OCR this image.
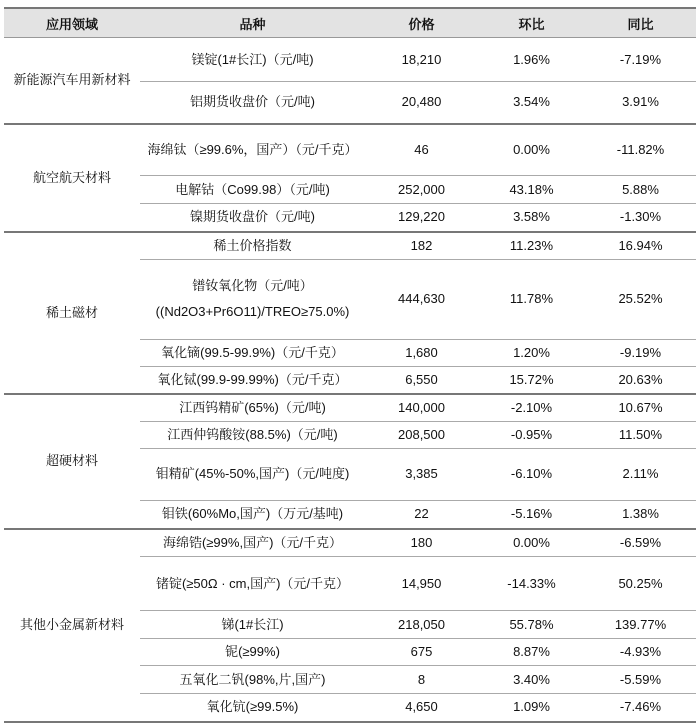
应用领域	品种	价格	环比	同比
新能源汽车用新材料	镁锭(1#长江)（元/吨)	18,210	1.96%	-7.19%
	铝期货收盘价（元/吨)	20,480	3.54%	3.91%
航空航天材料	海绵钛（≥99.6%，国产）（元/千克）	46	0.00%	-11.82%
	电解钴（Co99.98）（元/吨)	252,000	43.18%	5.88%
	镍期货收盘价（元/吨)	129,220	3.58%	-1.30%
稀土磁材	稀土价格指数	182	11.23%	16.94%
	镨钕氧化物（元/吨） ((Nd2O3+Pr6O11)/TREO≥75.0%)	444,630	11.78%	25.52%
	氧化镝(99.5-99.9%)（元/千克）	1,680	1.20%	-9.19%
	氧化铽(99.9-99.99%)（元/千克）	6,550	15.72%	20.63%
超硬材料	江西钨精矿(65%)（元/吨)	140,000	-2.10%	10.67%
	江西仲钨酸铵(88.5%)（元/吨)	208,500	-0.95%	11.50%
	钼精矿(45%-50%,国产)（元/吨度)	3,385	-6.10%	2.11%
	钼铁(60%Mo,国产)（万元/基吨)	22	-5.16%	1.38%
其他小金属新材料	海绵锆(≥99%,国产)（元/千克）	180	0.00%	-6.59%
	锗锭(≥50Ω · cm,国产)（元/千克）	14,950	-14.33%	50.25%
	锑(1#长江)	218,050	55.78%	139.77%
	铌(≥99%)	675	8.87%	-4.93%
	五氧化二钒(98%,片,国产)	8	3.40%	-5.59%
	氧化钪(≥99.5%)	4,650	1.09%	-7.46%
